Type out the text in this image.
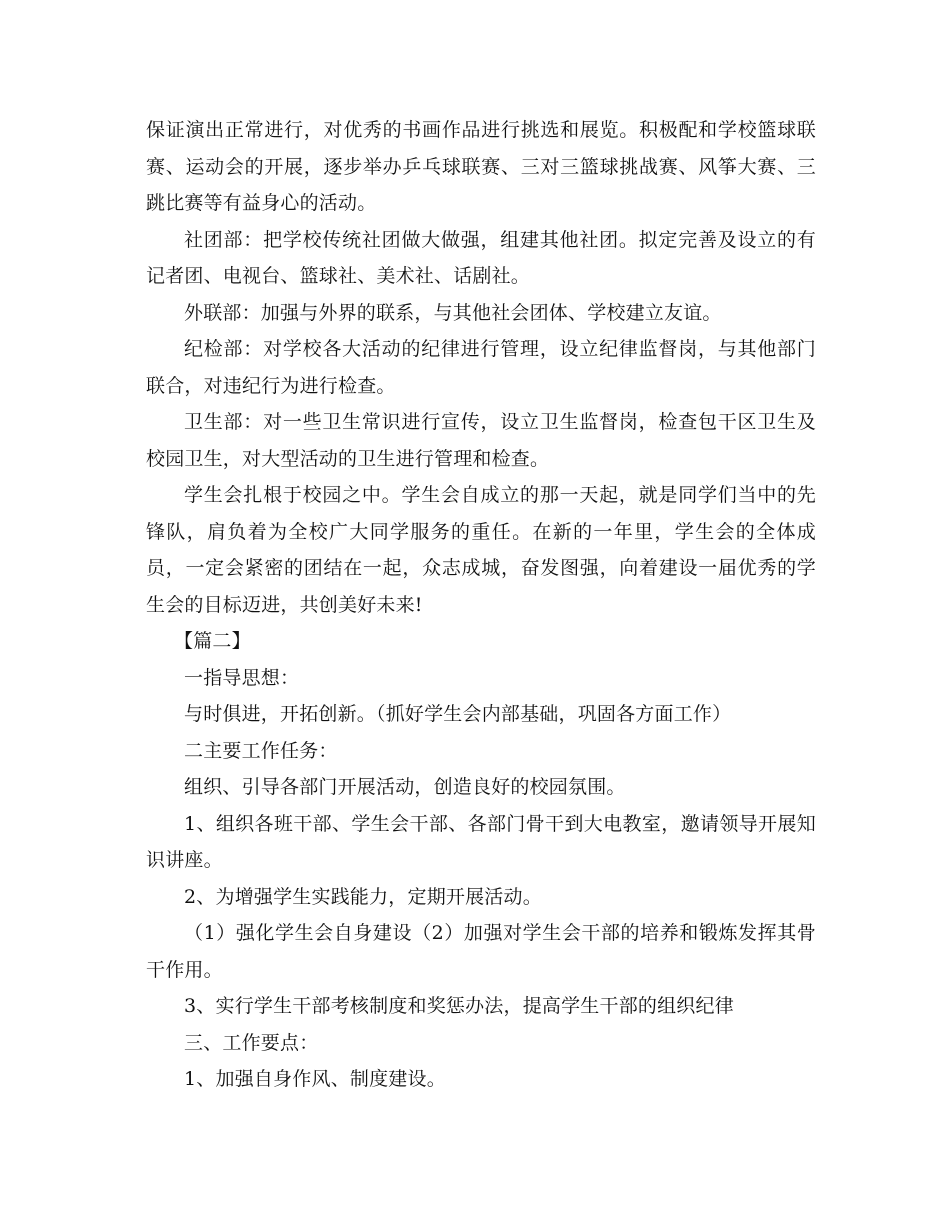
保证演出正常进行，对优秀的书画作品进行挑选和展览。积极配和学校篮球联赛、运动会的开展，逐步举办乒乓球联赛、三对三篮球挑战赛、风筝大赛、三跳比赛等有益身心的活动。

社团部：把学校传统社团做大做强，组建其他社团。拟定完善及设立的有记者团、电视台、篮球社、美术社、话剧社。

外联部：加强与外界的联系，与其他社会团体、学校建立友谊。

纪检部：对学校各大活动的纪律进行管理，设立纪律监督岗，与其他部门联合，对违纪行为进行检查。

卫生部：对一些卫生常识进行宣传，设立卫生监督岗，检查包干区卫生及校园卫生，对大型活动的卫生进行管理和检查。

学生会扎根于校园之中。学生会自成立的那一天起，就是同学们当中的先锋队，肩负着为全校广大同学服务的重任。在新的一年里，学生会的全体成员，一定会紧密的团结在一起，众志成城，奋发图强，向着建设一届优秀的学生会的目标迈进，共创美好未来!

【篇二】

一指导思想：

与时俱进，开拓创新。（抓好学生会内部基础，巩固各方面工作）

二主要工作任务：

组织、引导各部门开展活动，创造良好的校园氛围。

1、组织各班干部、学生会干部、各部门骨干到大电教室，邀请领导开展知识讲座。

2、为增强学生实践能力，定期开展活动。

（1）强化学生会自身建设（2）加强对学生会干部的培养和锻炼发挥其骨干作用。

3、实行学生干部考核制度和奖惩办法，提高学生干部的组织纪律

三、工作要点：

1、加强自身作风、制度建设。
